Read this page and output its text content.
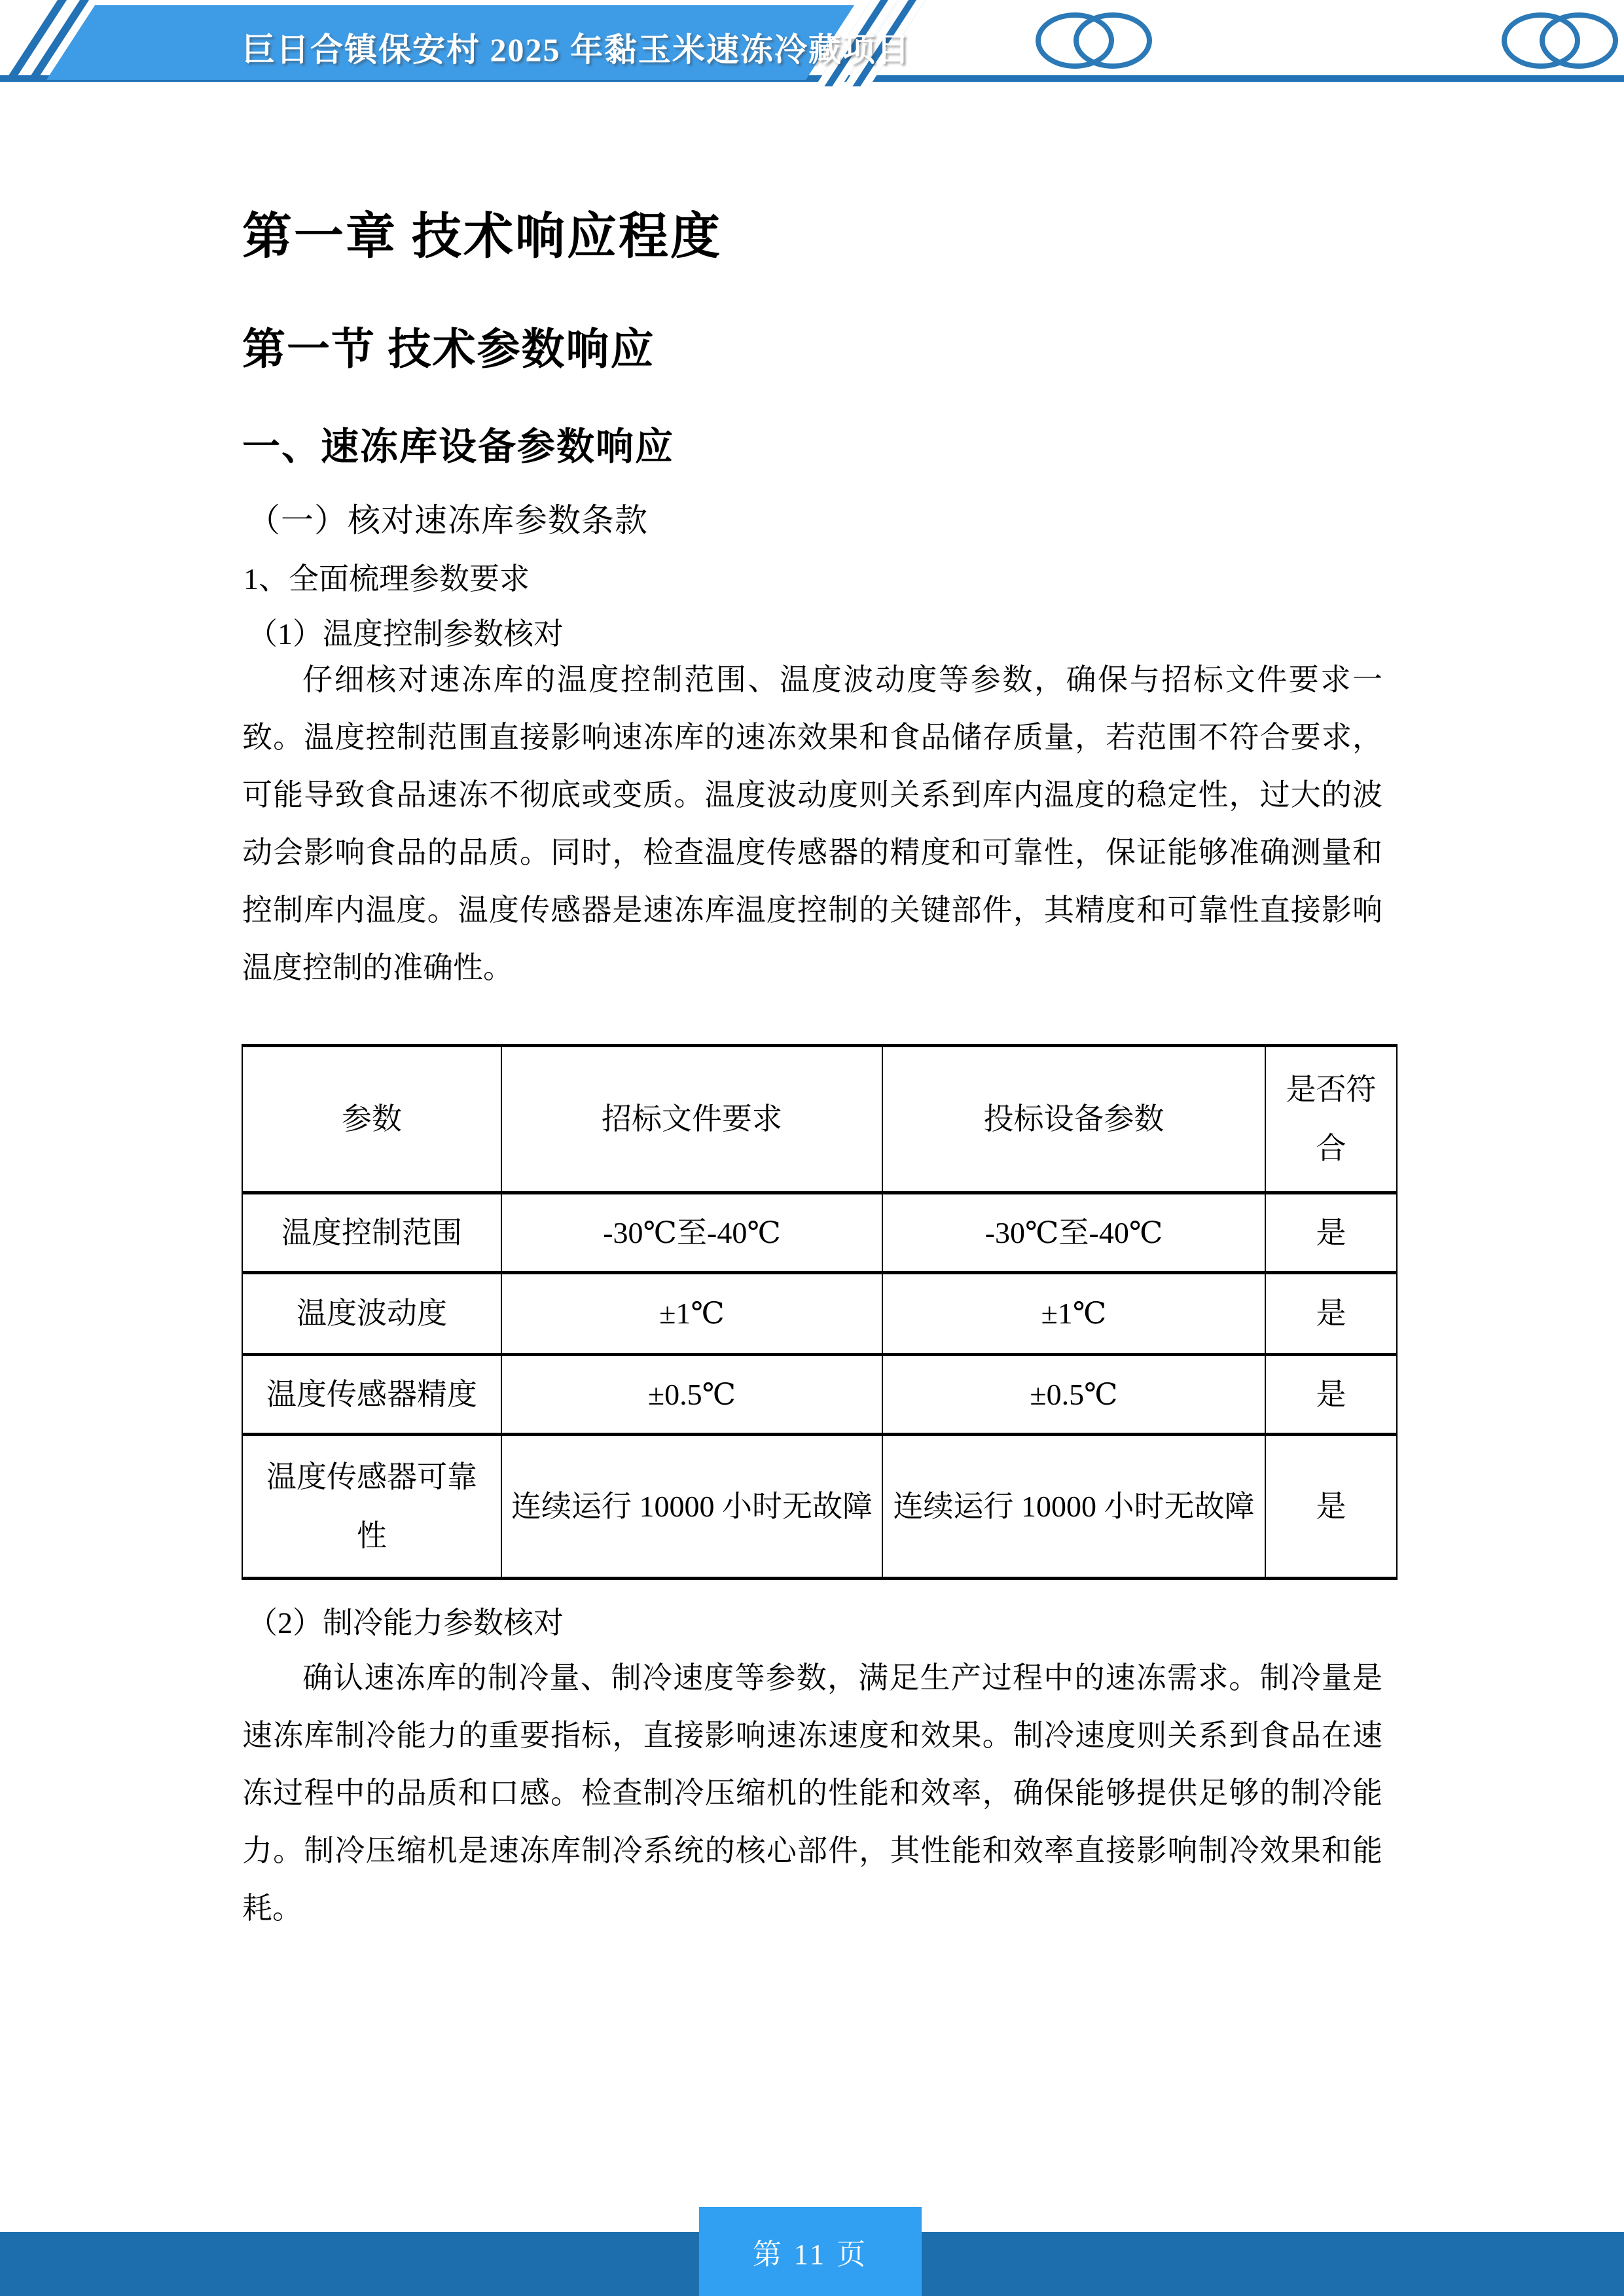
巨日合镇保安村 2025 年黏玉米速冻冷藏项目
第一章 技术响应程度
第一节 技术参数响应
一、速冻库设备参数响应
（一）核对速冻库参数条款
1、全面梳理参数要求
（1）温度控制参数核对
仔细核对速冻库的温度控制范围、温度波动度等参数，确保与招标文件要求一致。温度控制范围直接影响速冻库的速冻效果和食品储存质量，若范围不符合要求，可能导致食品速冻不彻底或变质。温度波动度则关系到库内温度的稳定性，过大的波动会影响食品的品质。同时，检查温度传感器的精度和可靠性，保证能够准确测量和控制库内温度。温度传感器是速冻库温度控制的关键部件，其精度和可靠性直接影响温度控制的准确性。
参数	招标文件要求	投标设备参数	是否符合
温度控制范围	-30℃至-40℃	-30℃至-40℃	是
温度波动度	±1℃	±1℃	是
温度传感器精度	±0.5℃	±0.5℃	是
温度传感器可靠性	连续运行 10000 小时无故障	连续运行 10000 小时无故障	是
（2）制冷能力参数核对
确认速冻库的制冷量、制冷速度等参数，满足生产过程中的速冻需求。制冷量是速冻库制冷能力的重要指标，直接影响速冻速度和效果。制冷速度则关系到食品在速冻过程中的品质和口感。检查制冷压缩机的性能和效率，确保能够提供足够的制冷能力。制冷压缩机是速冻库制冷系统的核心部件，其性能和效率直接影响制冷效果和能耗。
第 11 页
